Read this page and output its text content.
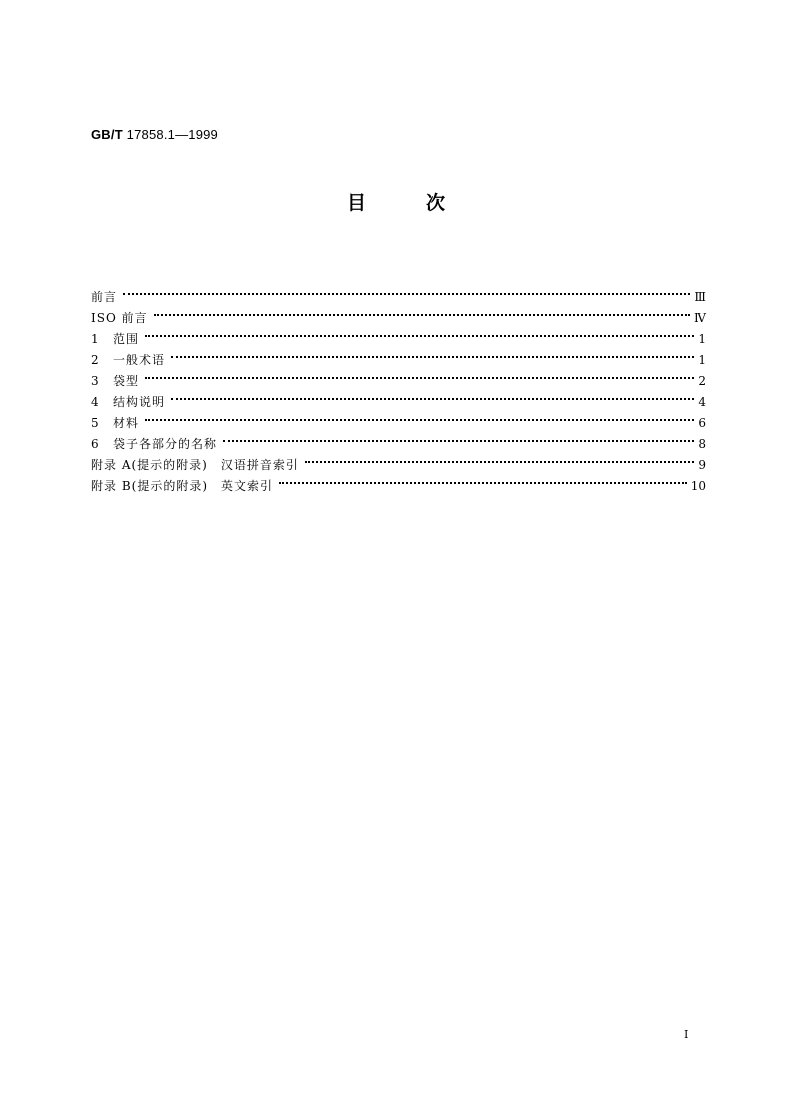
GB/T 17858.1—1999
目	次
前言	Ⅲ
ISO 前言	Ⅳ
1 范围	1
2 一般术语	1
3 袋型	2
4 结构说明	4
5 材料	6
6 袋子各部分的名称	8
附录 A(提示的附录)　汉语拼音索引	9
附录 B(提示的附录)　英文索引	10
I
